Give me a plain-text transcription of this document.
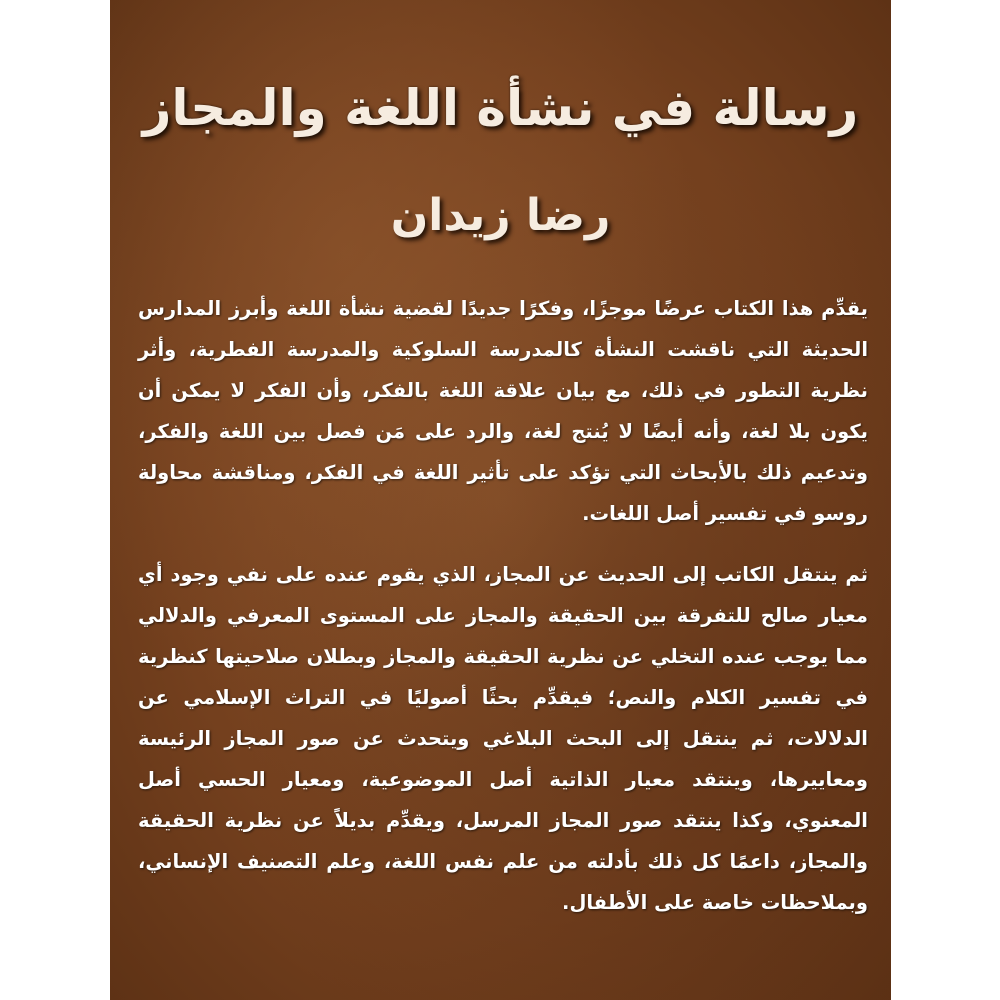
رسالة في نشأة اللغة والمجاز
رضا زيدان

يقدِّم هذا الكتاب عرضًا موجزًا، وفكرًا جديدًا لقضية نشأة اللغة وأبرز المدارس الحديثة التي ناقشت النشأة كالمدرسة السلوكية والمدرسة الفطرية، وأثر نظرية التطور في ذلك، مع بيان علاقة اللغة بالفكر، وأن الفكر لا يمكن أن يكون بلا لغة، وأنه أيضًا لا يُنتج لغة، والرد على مَن فصل بين اللغة والفكر، وتدعيم ذلك بالأبحاث التي تؤكد على تأثير اللغة في الفكر، ومناقشة محاولة روسو في تفسير أصل اللغات.

ثم ينتقل الكاتب إلى الحديث عن المجاز، الذي يقوم عنده على نفي وجود أي معيار صالح للتفرقة بين الحقيقة والمجاز على المستوى المعرفي والدلالي مما يوجب عنده التخلي عن نظرية الحقيقة والمجاز وبطلان صلاحيتها كنظرية في تفسير الكلام والنص؛ فيقدِّم بحثًا أصوليًا في التراث الإسلامي عن الدلالات، ثم ينتقل إلى البحث البلاغي ويتحدث عن صور المجاز الرئيسة ومعاييرها، وينتقد معيار الذاتية أصل الموضوعية، ومعيار الحسي أصل المعنوي، وكذا ينتقد صور المجاز المرسل، ويقدِّم بديلاً عن نظرية الحقيقة والمجاز، داعمًا كل ذلك بأدلته من علم نفس اللغة، وعلم التصنيف الإنساني، وبملاحظات خاصة على الأطفال.
